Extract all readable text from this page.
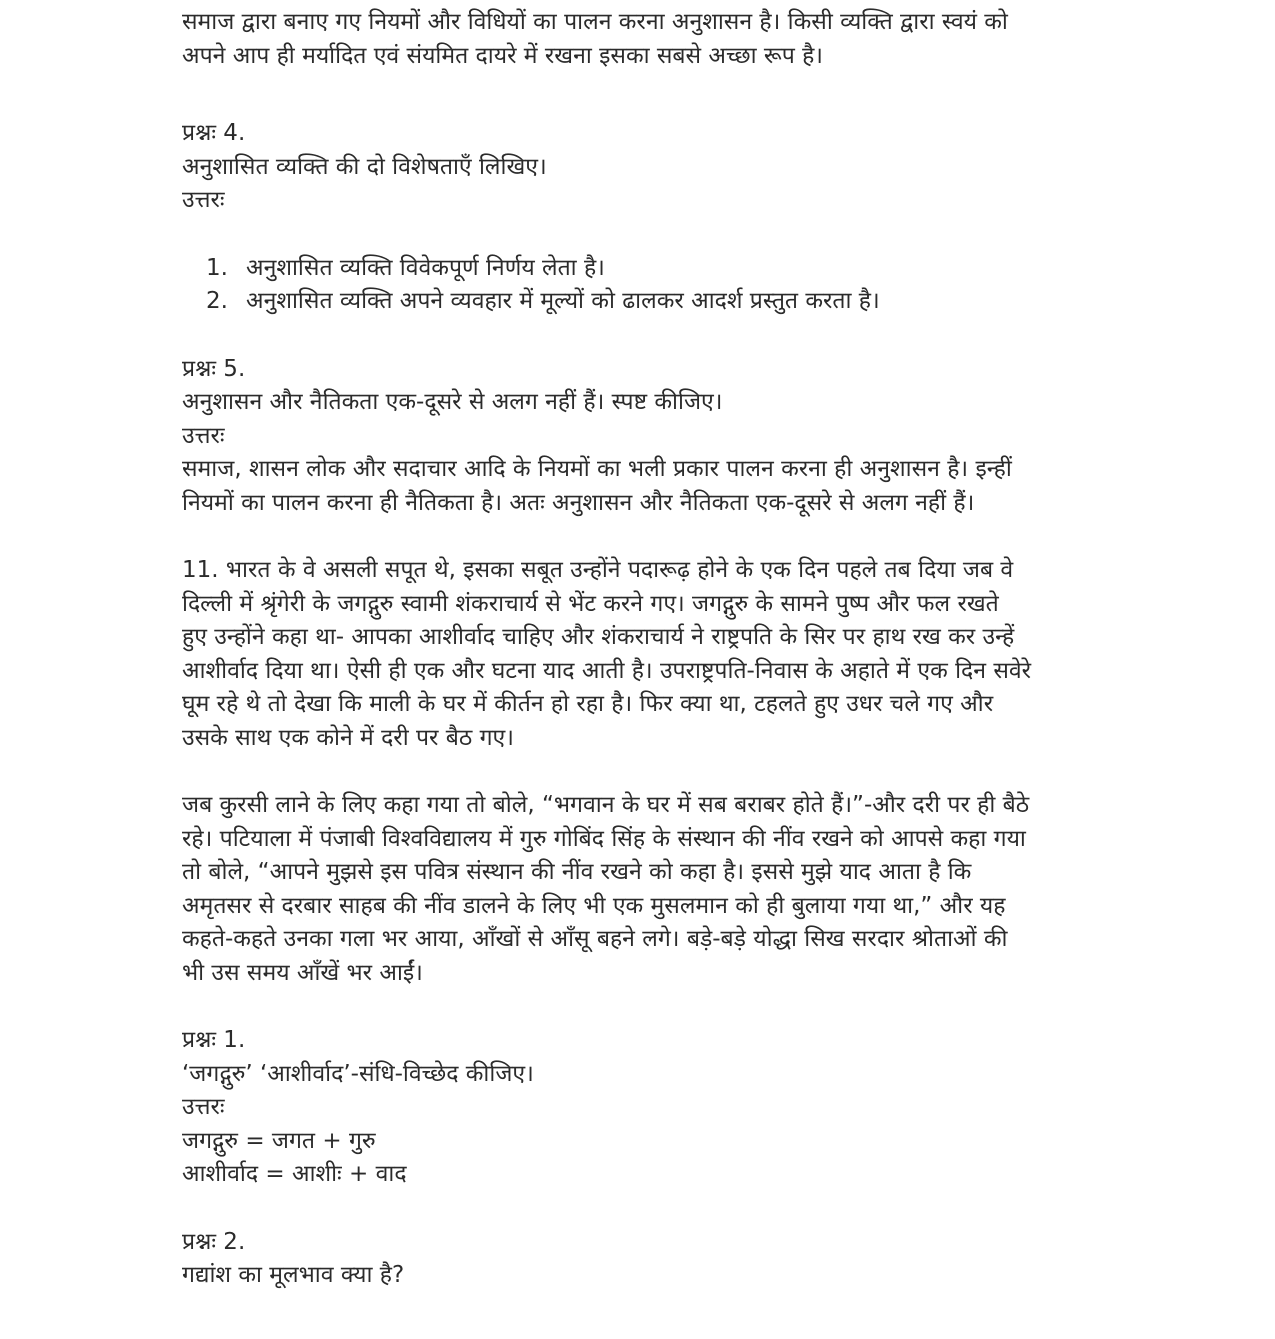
समाज द्वारा बनाए गए नियमों और विधियों का पालन करना अनुशासन है। किसी व्यक्ति द्वारा स्वयं को
अपने आप ही मर्यादित एवं संयमित दायरे में रखना इसका सबसे अच्छा रूप है।

प्रश्नः 4.
अनुशासित व्यक्ति की दो विशेषताएँ लिखिए।
उत्तरः
1. अनुशासित व्यक्ति विवेकपूर्ण निर्णय लेता है।
2. अनुशासित व्यक्ति अपने व्यवहार में मूल्यों को ढालकर आदर्श प्रस्तुत करता है।
प्रश्नः 5.
अनुशासन और नैतिकता एक-दूसरे से अलग नहीं हैं। स्पष्ट कीजिए।
उत्तरः
समाज, शासन लोक और सदाचार आदि के नियमों का भली प्रकार पालन करना ही अनुशासन है। इन्हीं
नियमों का पालन करना ही नैतिकता है। अतः अनुशासन और नैतिकता एक-दूसरे से अलग नहीं हैं।

11. भारत के वे असली सपूत थे, इसका सबूत उन्होंने पदारूढ़ होने के एक दिन पहले तब दिया जब वे
दिल्ली में श्रृंगेरी के जगद्गुरु स्वामी शंकराचार्य से भेंट करने गए। जगद्गुरु के सामने पुष्प और फल रखते
हुए उन्होंने कहा था- आपका आशीर्वाद चाहिए और शंकराचार्य ने राष्ट्रपति के सिर पर हाथ रख कर उन्हें
आशीर्वाद दिया था। ऐसी ही एक और घटना याद आती है। उपराष्ट्रपति-निवास के अहाते में एक दिन सवेरे
घूम रहे थे तो देखा कि माली के घर में कीर्तन हो रहा है। फिर क्या था, टहलते हुए उधर चले गए और
उसके साथ एक कोने में दरी पर बैठ गए।

जब कुरसी लाने के लिए कहा गया तो बोले, “भगवान के घर में सब बराबर होते हैं।”-और दरी पर ही बैठे
रहे। पटियाला में पंजाबी विश्वविद्यालय में गुरु गोबिंद सिंह के संस्थान की नींव रखने को आपसे कहा गया
तो बोले, “आपने मुझसे इस पवित्र संस्थान की नींव रखने को कहा है। इससे मुझे याद आता है कि
अमृतसर से दरबार साहब की नींव डालने के लिए भी एक मुसलमान को ही बुलाया गया था,” और यह
कहते-कहते उनका गला भर आया, आँखों से आँसू बहने लगे। बड़े-बड़े योद्धा सिख सरदार श्रोताओं की
भी उस समय आँखें भर आईं।

प्रश्नः 1.
‘जगद्गुरु’ ‘आशीर्वाद’-संधि-विच्छेद कीजिए।
उत्तरः
जगद्गुरु = जगत + गुरु
आशीर्वाद = आशीः + वाद
प्रश्नः 2.
गद्यांश का मूलभाव क्या है?
